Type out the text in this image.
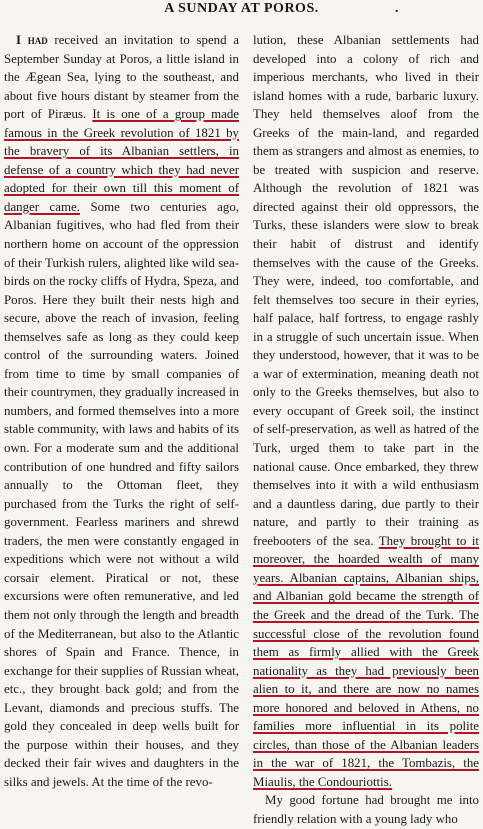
A SUNDAY AT POROS.	.

I had received an invitation to spend a September Sunday at Poros, a little island in the Ægean Sea, lying to the southeast, and about five hours distant by steamer from the port of Piræus. It is one of a group made famous in the Greek revolution of 1821 by the bravery of its Albanian settlers, in defense of a country which they had never adopted for their own till this moment of danger came. Some two centuries ago, Albanian fugitives, who had fled from their northern home on account of the oppression of their Turkish rulers, alighted like wild sea-birds on the rocky cliffs of Hydra, Speza, and Poros. Here they built their nests high and secure, above the reach of invasion, feeling themselves safe as long as they could keep control of the surrounding waters. Joined from time to time by small companies of their countrymen, they gradually increased in numbers, and formed themselves into a more stable community, with laws and habits of its own. For a moderate sum and the additional contribution of one hundred and fifty sailors annually to the Ottoman fleet, they purchased from the Turks the right of self-government. Fearless mariners and shrewd traders, the men were constantly engaged in expeditions which were not without a wild corsair element. Piratical or not, these excursions were often remunerative, and led them not only through the length and breadth of the Mediterranean, but also to the Atlantic shores of Spain and France. Thence, in exchange for their supplies of Russian wheat, etc., they brought back gold; and from the Levant, diamonds and precious stuffs. The gold they concealed in deep wells built for the purpose within their houses, and they decked their fair wives and daughters in the silks and jewels. At the time of the revo-

lution, these Albanian settlements had developed into a colony of rich and imperious merchants, who lived in their island homes with a rude, barbaric luxury. They held themselves aloof from the Greeks of the main-land, and regarded them as strangers and almost as enemies, to be treated with suspicion and reserve. Although the revolution of 1821 was directed against their old oppressors, the Turks, these islanders were slow to break their habit of distrust and identify themselves with the cause of the Greeks. They were, indeed, too comfortable, and felt themselves too secure in their eyries, half palace, half fortress, to engage rashly in a struggle of such uncertain issue. When they understood, however, that it was to be a war of extermination, meaning death not only to the Greeks themselves, but also to every occupant of Greek soil, the instinct of self-preservation, as well as hatred of the Turk, urged them to take part in the national cause. Once embarked, they threw themselves into it with a wild enthusiasm and a dauntless daring, due partly to their nature, and partly to their training as freebooters of the sea. They brought to it moreover, the hoarded wealth of many years. Albanian captains, Albanian ships, and Albanian gold became the strength of the Greek and the dread of the Turk. The successful close of the revolution found them as firmly allied with the Greek nationality as they had previously been alien to it, and there are now no names more honored and beloved in Athens, no families more influential in its polite circles, than those of the Albanian leaders in the war of 1821, the Tombazis, the Miaulis, the Condouriottis.

My good fortune had brought me into friendly relation with a young lady who
